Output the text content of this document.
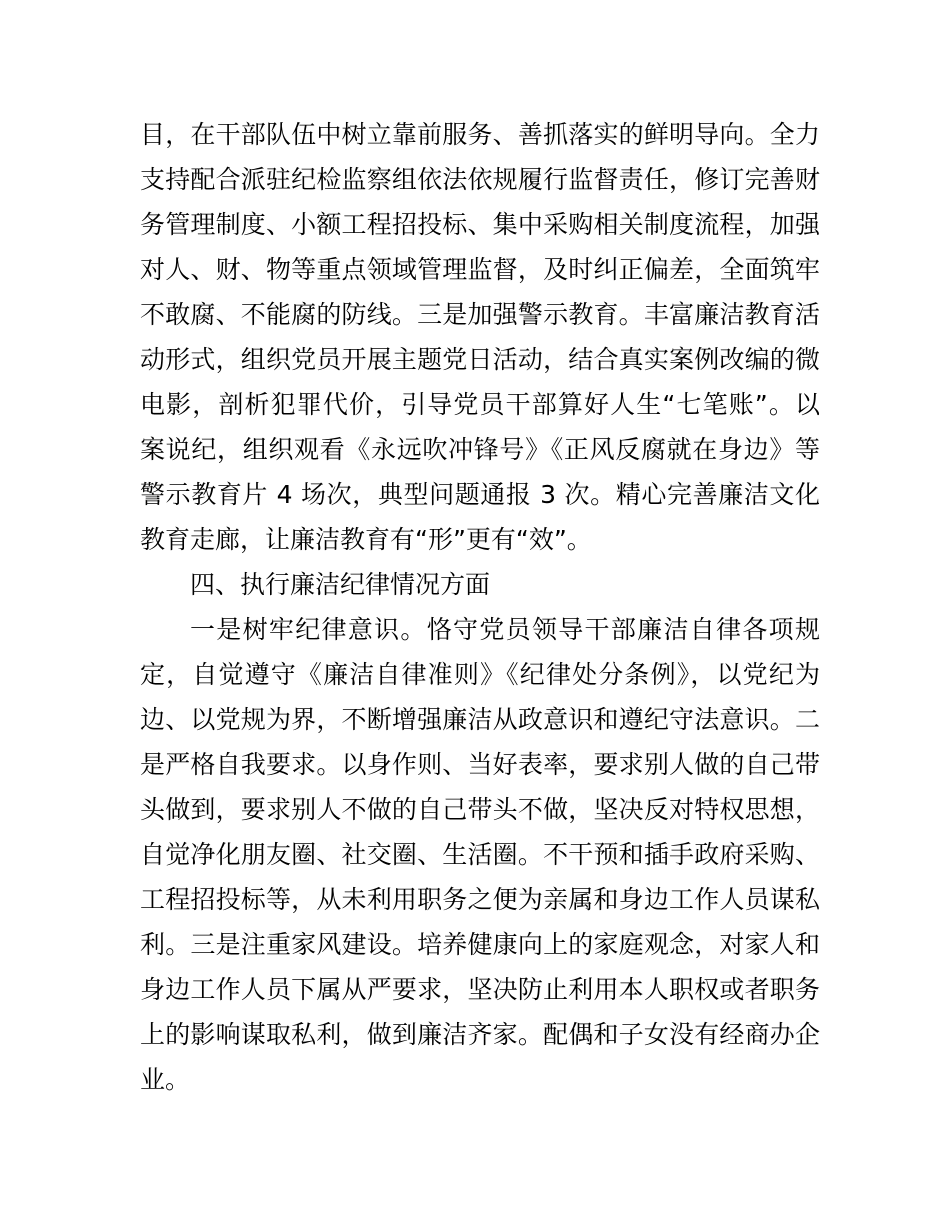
目，在干部队伍中树立靠前服务、善抓落实的鲜明导向。全力
支持配合派驻纪检监察组依法依规履行监督责任，修订完善财
务管理制度、小额工程招投标、集中采购相关制度流程，加强
对人、财、物等重点领域管理监督，及时纠正偏差，全面筑牢
不敢腐、不能腐的防线。三是加强警示教育。丰富廉洁教育活
动形式，组织党员开展主题党日活动，结合真实案例改编的微
电影，剖析犯罪代价，引导党员干部算好人生“七笔账”。以
案说纪，组织观看《永远吹冲锋号》《正风反腐就在身边》等
警示教育片 4 场次，典型问题通报 3 次。精心完善廉洁文化
教育走廊，让廉洁教育有“形”更有“效”。
四、执行廉洁纪律情况方面
一是树牢纪律意识。恪守党员领导干部廉洁自律各项规
定，自觉遵守《廉洁自律准则》《纪律处分条例》，以党纪为
边、以党规为界，不断增强廉洁从政意识和遵纪守法意识。二
是严格自我要求。以身作则、当好表率，要求别人做的自己带
头做到，要求别人不做的自己带头不做，坚决反对特权思想，
自觉净化朋友圈、社交圈、生活圈。不干预和插手政府采购、
工程招投标等，从未利用职务之便为亲属和身边工作人员谋私
利。三是注重家风建设。培养健康向上的家庭观念，对家人和
身边工作人员下属从严要求，坚决防止利用本人职权或者职务
上的影响谋取私利，做到廉洁齐家。配偶和子女没有经商办企
业。
